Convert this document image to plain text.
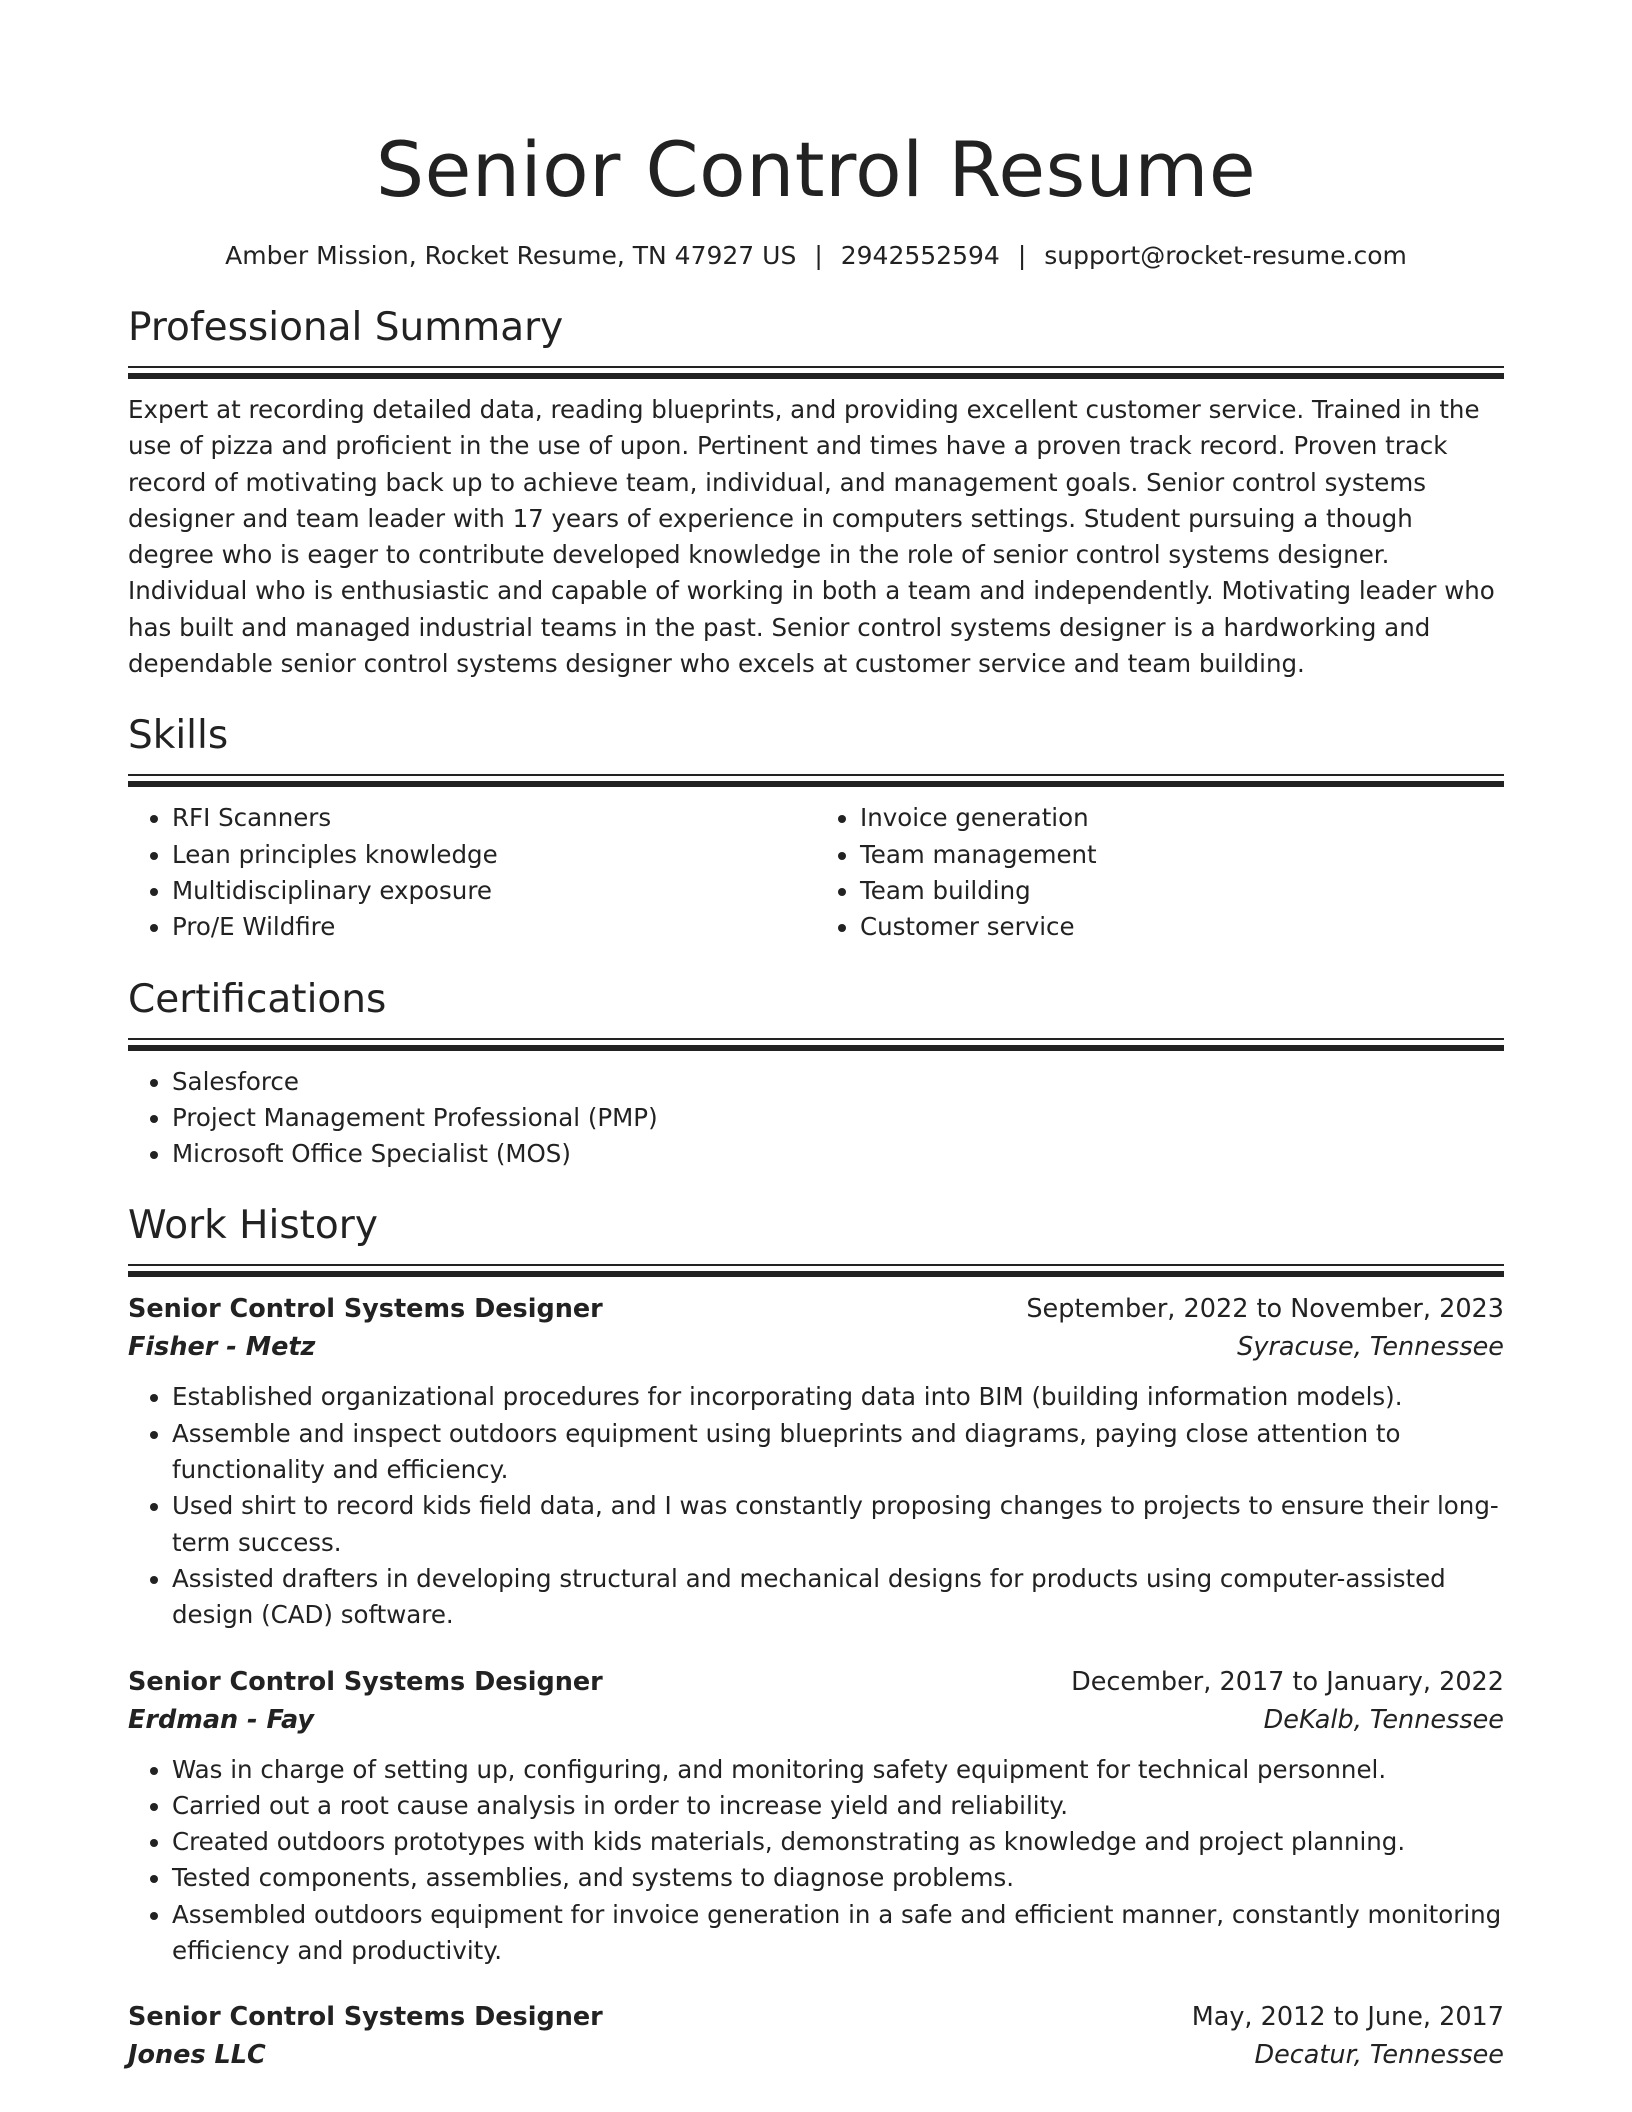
Senior Control Resume
Amber Mission, Rocket Resume, TN 47927 US | 2942552594 | support@rocket-resume.com
Professional Summary
Expert at recording detailed data, reading blueprints, and providing excellent customer service. Trained in the use of pizza and proficient in the use of upon. Pertinent and times have a proven track record. Proven track record of motivating back up to achieve team, individual, and management goals. Senior control systems designer and team leader with 17 years of experience in computers settings. Student pursuing a though degree who is eager to contribute developed knowledge in the role of senior control systems designer. Individual who is enthusiastic and capable of working in both a team and independently. Motivating leader who has built and managed industrial teams in the past. Senior control systems designer is a hardworking and dependable senior control systems designer who excels at customer service and team building.
Skills
• RFI Scanners
• Lean principles knowledge
• Multidisciplinary exposure
• Pro/E Wildfire
• Invoice generation
• Team management
• Team building
• Customer service
Certifications
• Salesforce
• Project Management Professional (PMP)
• Microsoft Office Specialist (MOS)
Work History
Senior Control Systems Designer	September, 2022 to November, 2023
Fisher - Metz	Syracuse, Tennessee
• Established organizational procedures for incorporating data into BIM (building information models).
• Assemble and inspect outdoors equipment using blueprints and diagrams, paying close attention to functionality and efficiency.
• Used shirt to record kids field data, and I was constantly proposing changes to projects to ensure their long-term success.
• Assisted drafters in developing structural and mechanical designs for products using computer-assisted design (CAD) software.
Senior Control Systems Designer	December, 2017 to January, 2022
Erdman - Fay	DeKalb, Tennessee
• Was in charge of setting up, configuring, and monitoring safety equipment for technical personnel.
• Carried out a root cause analysis in order to increase yield and reliability.
• Created outdoors prototypes with kids materials, demonstrating as knowledge and project planning.
• Tested components, assemblies, and systems to diagnose problems.
• Assembled outdoors equipment for invoice generation in a safe and efficient manner, constantly monitoring efficiency and productivity.
Senior Control Systems Designer	May, 2012 to June, 2017
Jones LLC	Decatur, Tennessee
